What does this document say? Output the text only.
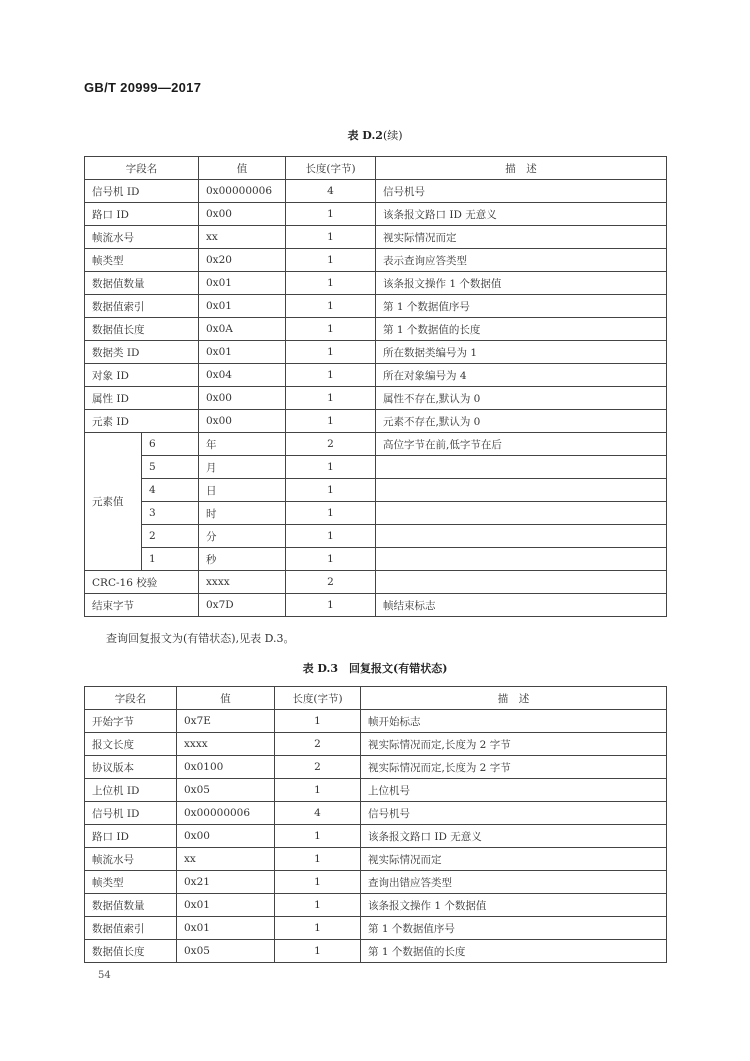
GB/T 20999—2017
表 D.2(续)
字段名		值	长度(字节)	描　述
信号机 ID		0x00000006	4	信号机号
路口 ID		0x00	1	该条报文路口 ID 无意义
帧流水号		xx	1	视实际情况而定
帧类型		0x20	1	表示查询应答类型
数据值数量		0x01	1	该条报文操作 1 个数据值
数据值索引		0x01	1	第 1 个数据值序号
数据值长度		0x0A	1	第 1 个数据值的长度
数据类 ID		0x01	1	所在数据类编号为 1
对象 ID		0x04	1	所在对象编号为 4
属性 ID		0x00	1	属性不存在,默认为 0
元素 ID		0x00	1	元素不存在,默认为 0
元素值	6	年	2	高位字节在前,低字节在后
	5	月	1	
	4	日	1	
	3	时	1	
	2	分	1	
	1	秒	1	
CRC-16 校验		xxxx	2	
结束字节		0x7D	1	帧结束标志
查询回复报文为(有错状态),见表 D.3。
表 D.3　回复报文(有错状态)
字段名	值	长度(字节)	描　述
开始字节	0x7E	1	帧开始标志
报文长度	xxxx	2	视实际情况而定,长度为 2 字节
协议版本	0x0100	2	视实际情况而定,长度为 2 字节
上位机 ID	0x05	1	上位机号
信号机 ID	0x00000006	4	信号机号
路口 ID	0x00	1	该条报文路口 ID 无意义
帧流水号	xx	1	视实际情况而定
帧类型	0x21	1	查询出错应答类型
数据值数量	0x01	1	该条报文操作 1 个数据值
数据值索引	0x01	1	第 1 个数据值序号
数据值长度	0x05	1	第 1 个数据值的长度
54
